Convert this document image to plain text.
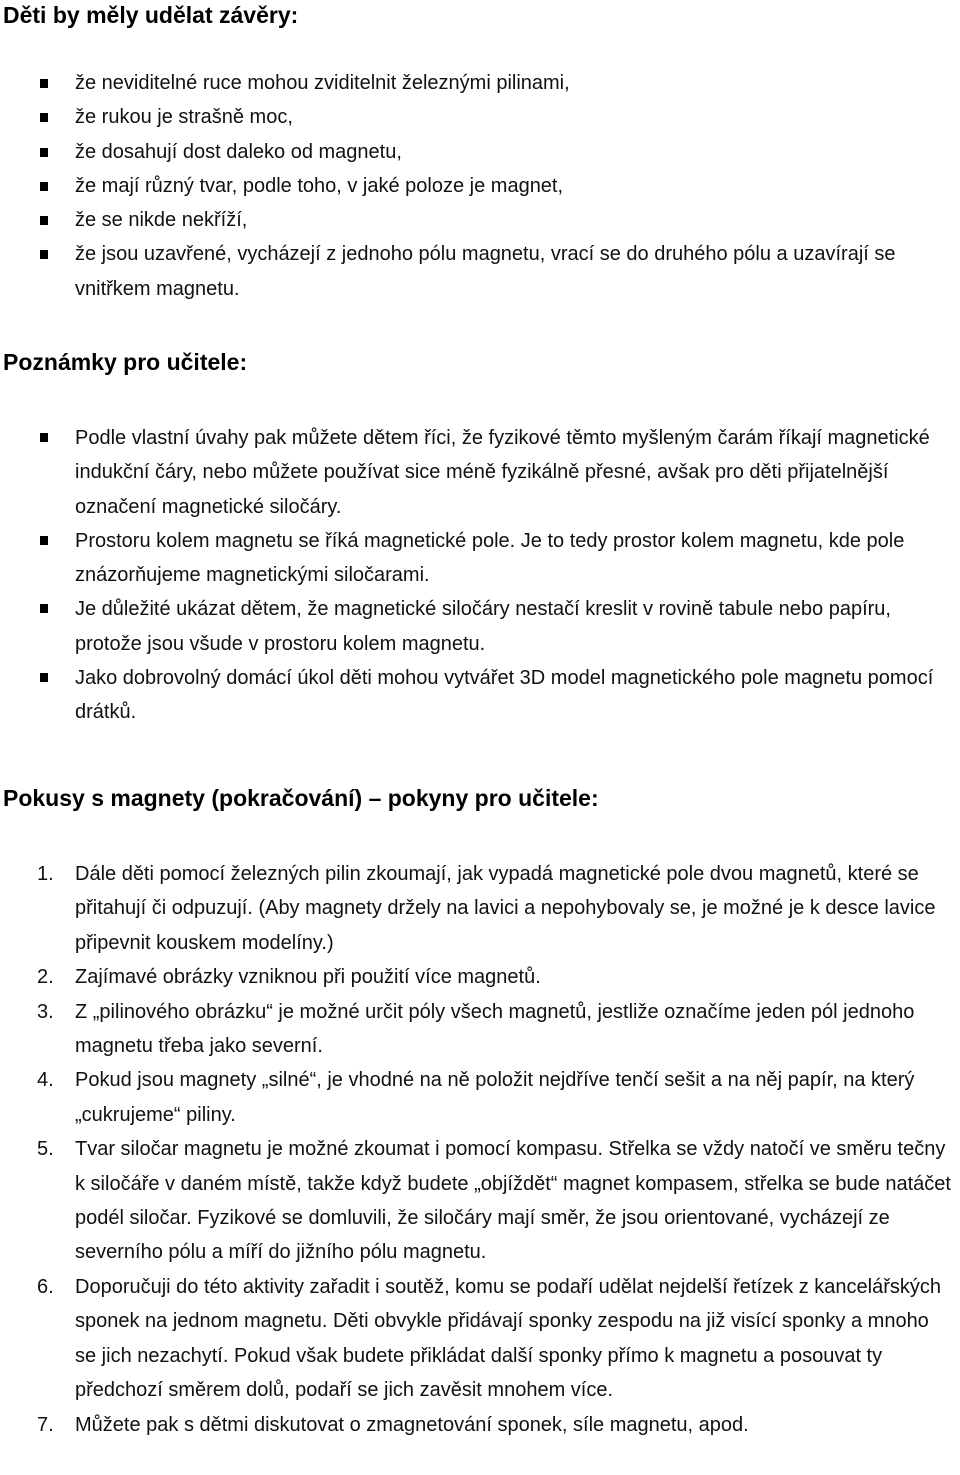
Děti by měly udělat závěry:
že neviditelné ruce mohou zviditelnit železnými pilinami,
že rukou je strašně moc,
že dosahují dost daleko od magnetu,
že mají různý tvar, podle toho, v jaké poloze je magnet,
že se nikde nekříží,
že jsou uzavřené, vycházejí z jednoho pólu magnetu, vrací se do druhého pólu a uzavírají se vnitřkem magnetu.
Poznámky pro učitele:
Podle vlastní úvahy pak můžete dětem říci, že fyzikové těmto myšleným čarám říkají magnetické indukční čáry, nebo můžete používat sice méně fyzikálně přesné, avšak pro děti přijatelnější označení magnetické siločáry.
Prostoru kolem magnetu se říká magnetické pole. Je to tedy prostor kolem magnetu, kde pole znázorňujeme magnetickými siločarami.
Je důležité ukázat dětem, že magnetické siločáry nestačí kreslit v rovině tabule nebo papíru, protože jsou všude v prostoru kolem magnetu.
Jako dobrovolný domácí úkol děti mohou vytvářet 3D model magnetického pole magnetu pomocí drátků.
Pokusy s magnety (pokračování) – pokyny pro učitele:
1. Dále děti pomocí železných pilin zkoumají, jak vypadá magnetické pole dvou magnetů, které se přitahují či odpuzují. (Aby magnety držely na lavici a nepohybovaly se, je možné je k desce lavice připevnit kouskem modelíny.)
2. Zajímavé obrázky vzniknou při použití více magnetů.
3. Z „pilinového obrázku“ je možné určit póly všech magnetů, jestliže označíme jeden pól jednoho magnetu třeba jako severní.
4. Pokud jsou magnety „silné“, je vhodné na ně položit nejdříve tenčí sešit a na něj papír, na který „cukrujeme“ piliny.
5. Tvar siločar magnetu je možné zkoumat i pomocí kompasu. Střelka se vždy natočí ve směru tečny k siločáře v daném místě, takže když budete „objíždět“ magnet kompasem, střelka se bude natáčet podél siločar. Fyzikové se domluvili, že siločáry mají směr, že jsou orientované, vycházejí ze severního pólu a míří do jižního pólu magnetu.
6. Doporučuji do této aktivity zařadit i soutěž, komu se podaří udělat nejdelší řetízek z kancelářských sponek na jednom magnetu. Děti obvykle přidávají sponky zespodu na již visící sponky a mnoho se jich nezachytí. Pokud však budete přikládat další sponky přímo k magnetu a posouvat ty předchozí směrem dolů, podaří se jich zavěsit mnohem více.
7. Můžete pak s dětmi diskutovat o zmagnetování sponek, síle magnetu, apod.
